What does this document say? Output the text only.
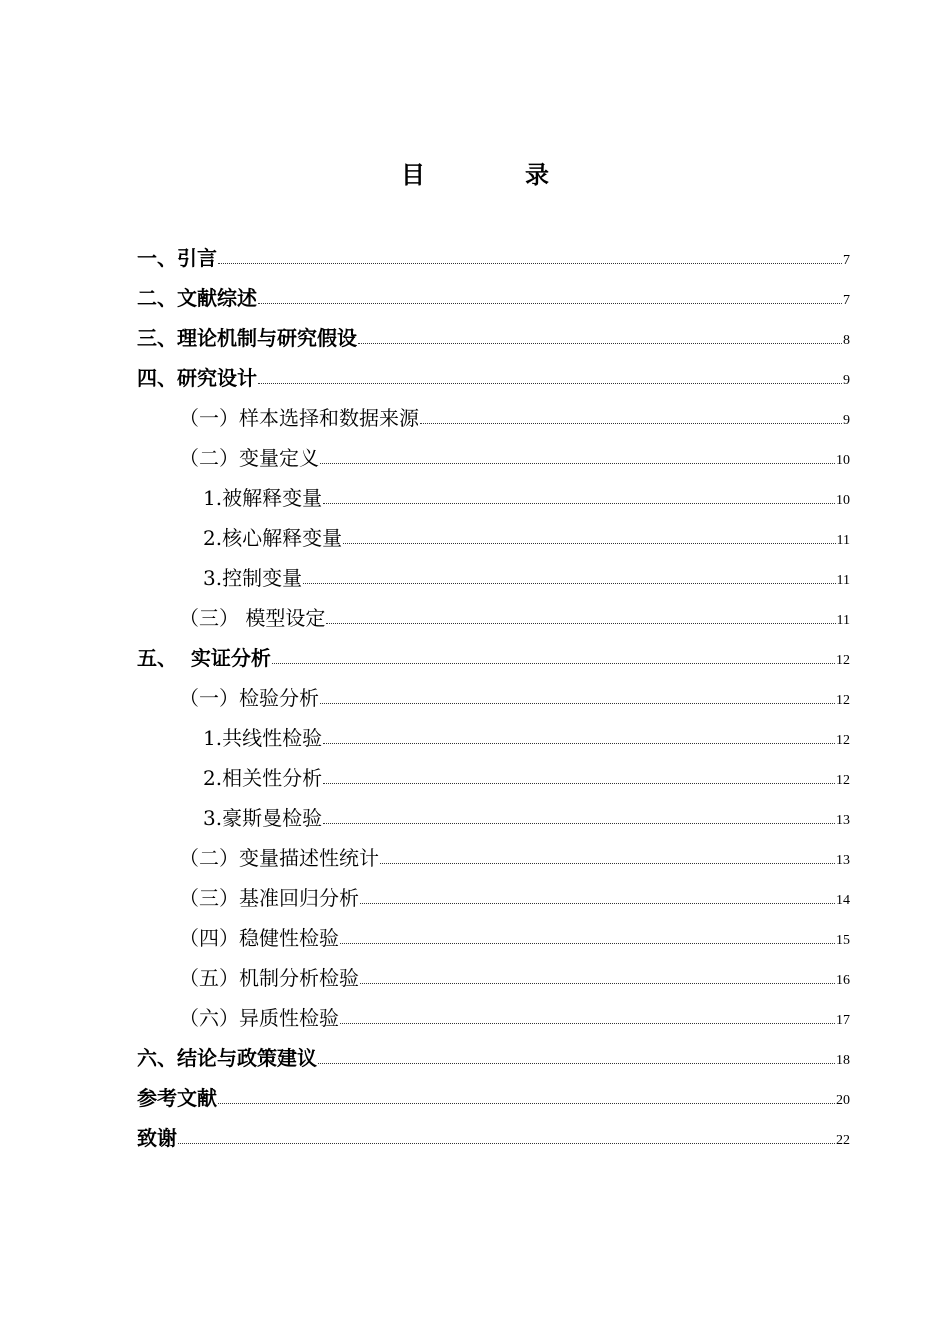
目	录
一、引言	7
二、文献综述	7
三、理论机制与研究假设	8
四、研究设计	9
（一）样本选择和数据来源	9
（二）变量定义	10
1.被解释变量	10
2.核心解释变量	11
3.控制变量	11
（三） 模型设定	11
五、  实证分析	12
（一）检验分析	12
1.共线性检验	12
2.相关性分析	12
3.豪斯曼检验	13
（二）变量描述性统计	13
（三）基准回归分析	14
（四）稳健性检验	15
（五）机制分析检验	16
（六）异质性检验	17
六、结论与政策建议	18
参考文献	20
致谢	22
